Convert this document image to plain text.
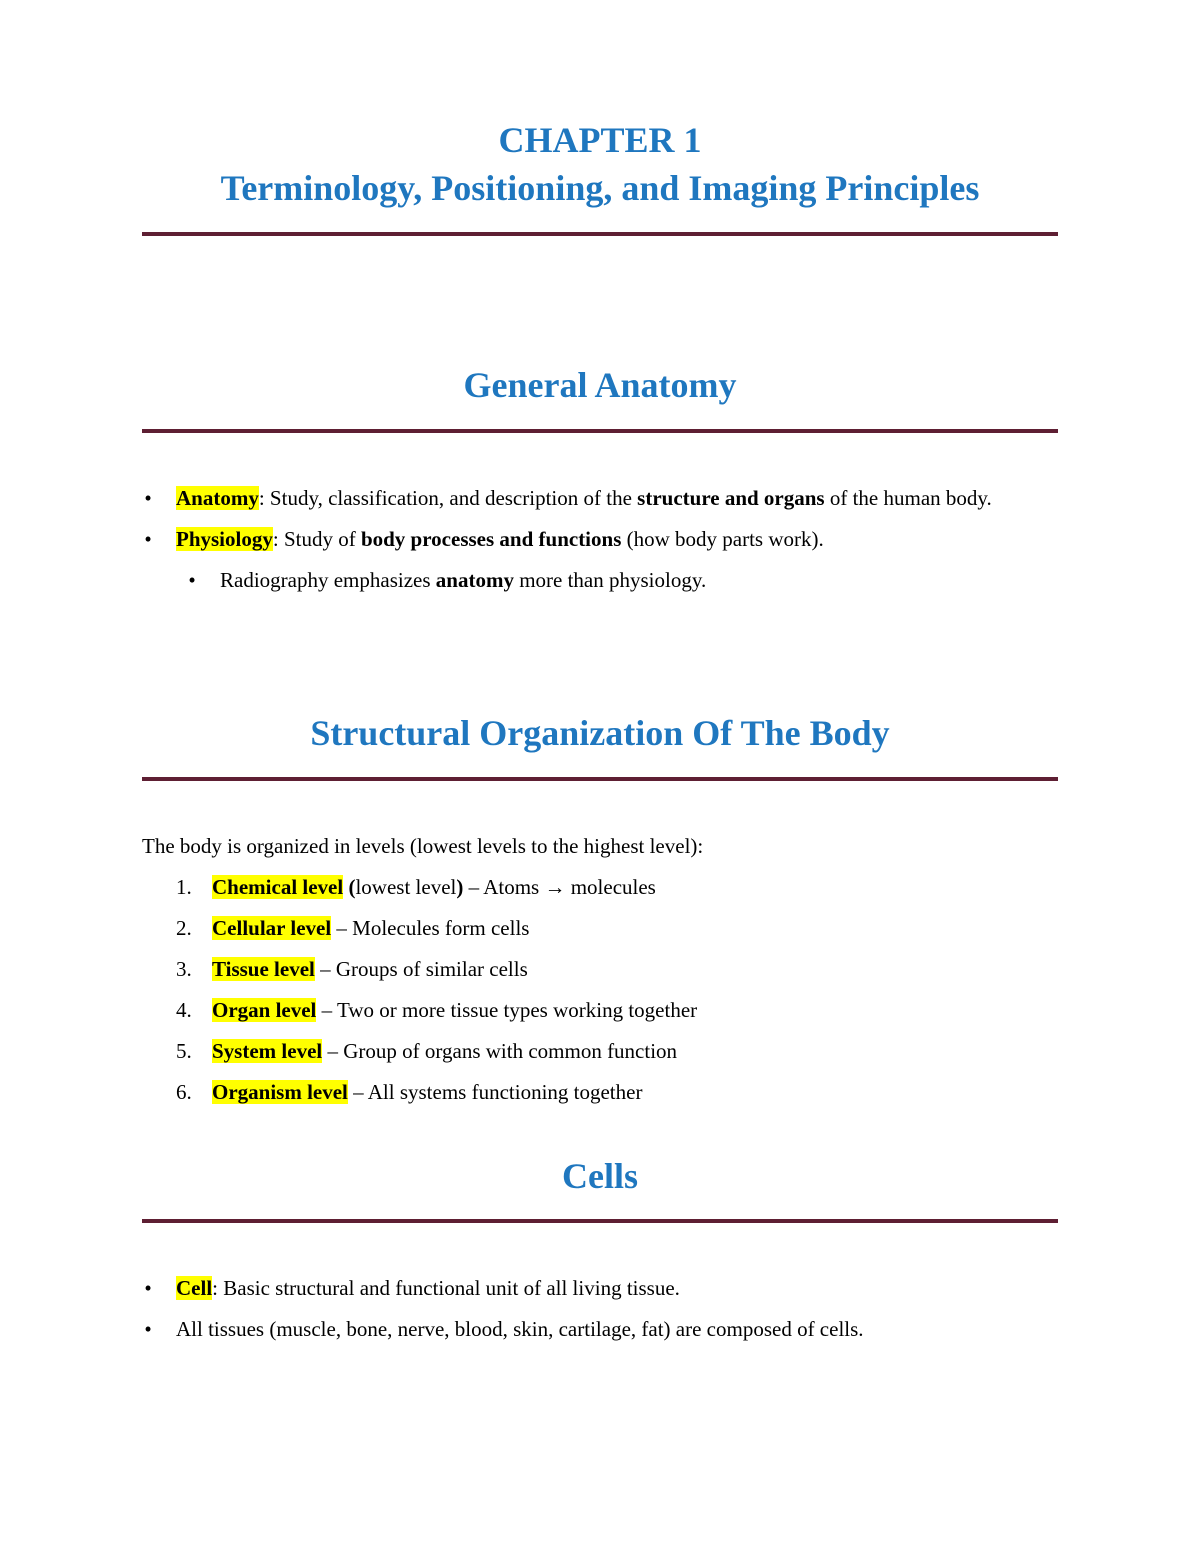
CHAPTER 1
Terminology, Positioning, and Imaging Principles
General Anatomy
•	Anatomy: Study, classification, and description of the structure and organs of the human body.
•	Physiology: Study of body processes and functions (how body parts work).
•	Radiography emphasizes anatomy more than physiology.
Structural Organization Of The Body
The body is organized in levels (lowest levels to the highest level):
1. Chemical level (lowest level) – Atoms → molecules
2. Cellular level – Molecules form cells
3. Tissue level – Groups of similar cells
4. Organ level – Two or more tissue types working together
5. System level – Group of organs with common function
6. Organism level – All systems functioning together
Cells
•	Cell: Basic structural and functional unit of all living tissue.
•	All tissues (muscle, bone, nerve, blood, skin, cartilage, fat) are composed of cells.
